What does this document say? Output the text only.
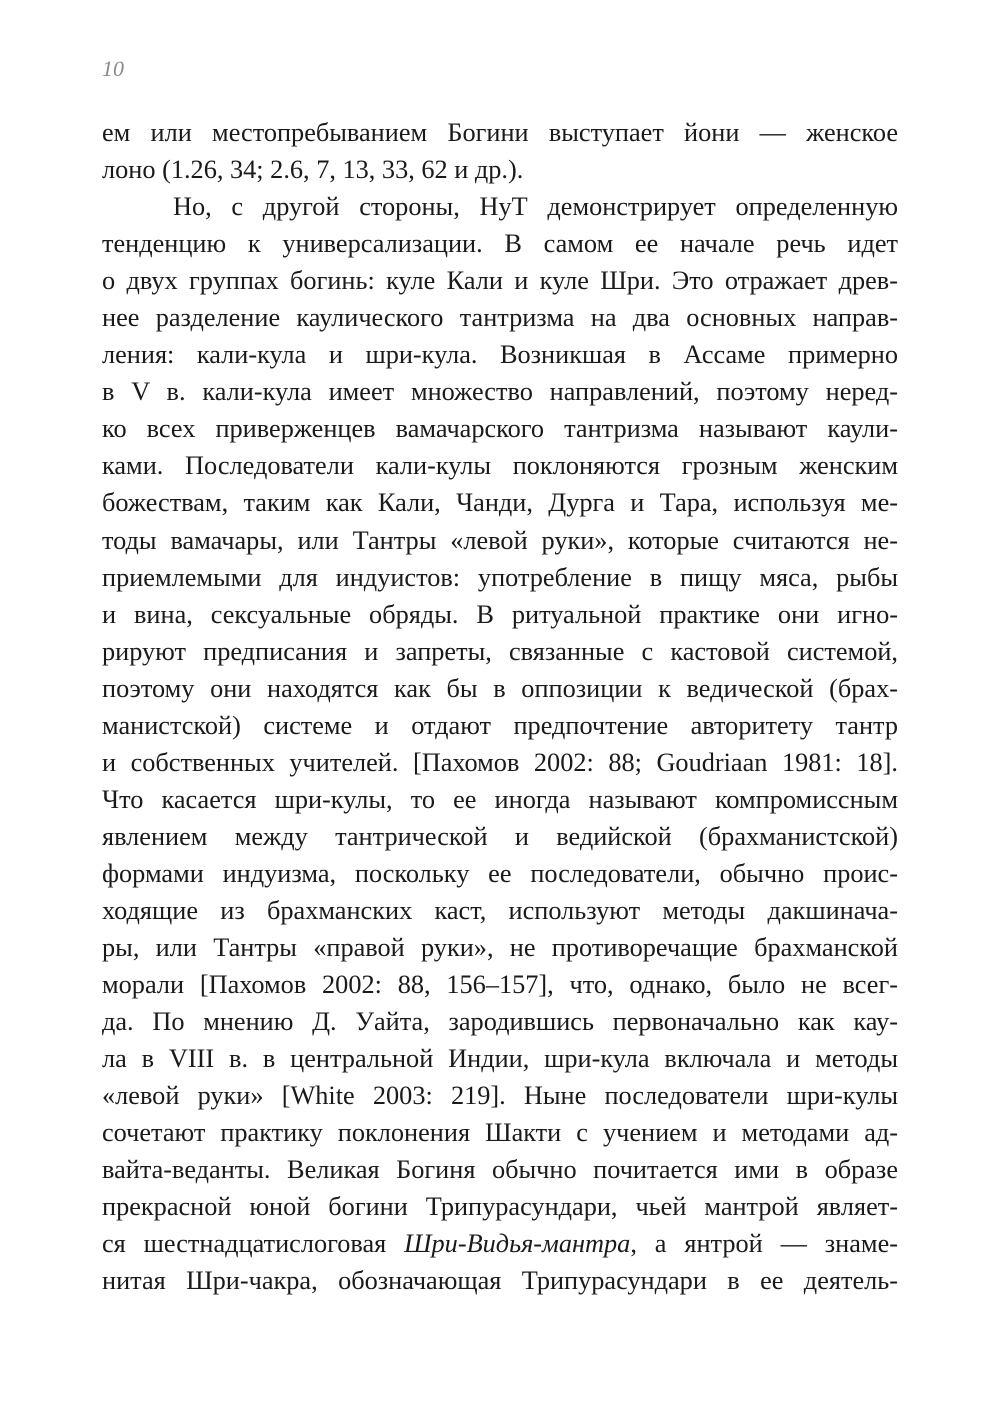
10
ем или местопребыванием Богини выступает йони — женское
лоно (1.26, 34; 2.6, 7, 13, 33, 62 и др.).
Но, с другой стороны, НуТ демонстрирует определенную
тенденцию к универсализации. В самом ее начале речь идет
о двух группах богинь: куле Кали и куле Шри. Это отражает древ-
нее разделение каулического тантризма на два основных направ-
ления: кали-кула и шри-кула. Возникшая в Ассаме примерно
в V в. кали-кула имеет множество направлений, поэтому неред-
ко всех приверженцев вамачарского тантризма называют каули-
ками. Последователи кали-кулы поклоняются грозным женским
божествам, таким как Кали, Чанди, Дурга и Тара, используя ме-
тоды вамачары, или Тантры «левой руки», которые считаются не-
приемлемыми для индуистов: употребление в пищу мяса, рыбы
и вина, сексуальные обряды. В ритуальной практике они игно-
рируют предписания и запреты, связанные с кастовой системой,
поэтому они находятся как бы в оппозиции к ведической (брах-
манистской) системе и отдают предпочтение авторитету тантр
и собственных учителей. [Пахомов 2002: 88; Goudriaan 1981: 18].
Что касается шри-кулы, то ее иногда называют компромиссным
явлением между тантрической и ведийской (брахманистской)
формами индуизма, поскольку ее последователи, обычно проис-
ходящие из брахманских каст, используют методы дакшиначa-
ры, или Тантры «правой руки», не противоречащие брахманской
морали [Пахомов 2002: 88, 156–157], что, однако, было не всег-
да. По мнению Д. Уайта, зародившись первоначально как кау-
ла в VIII в. в центральной Индии, шри-кула включала и методы
«левой руки» [White 2003: 219]. Ныне последователи шри-кулы
сочетают практику поклонения Шакти с учением и методами ад-
вайта-веданты. Великая Богиня обычно почитается ими в образе
прекрасной юной богини Трипурасундари, чьей мантрой являет-
ся шестнадцатислоговая Шри-Видья-мантра, а янтрой — знаме-
нитая Шри-чакра, обозначающая Трипурасундари в ее деятель-
